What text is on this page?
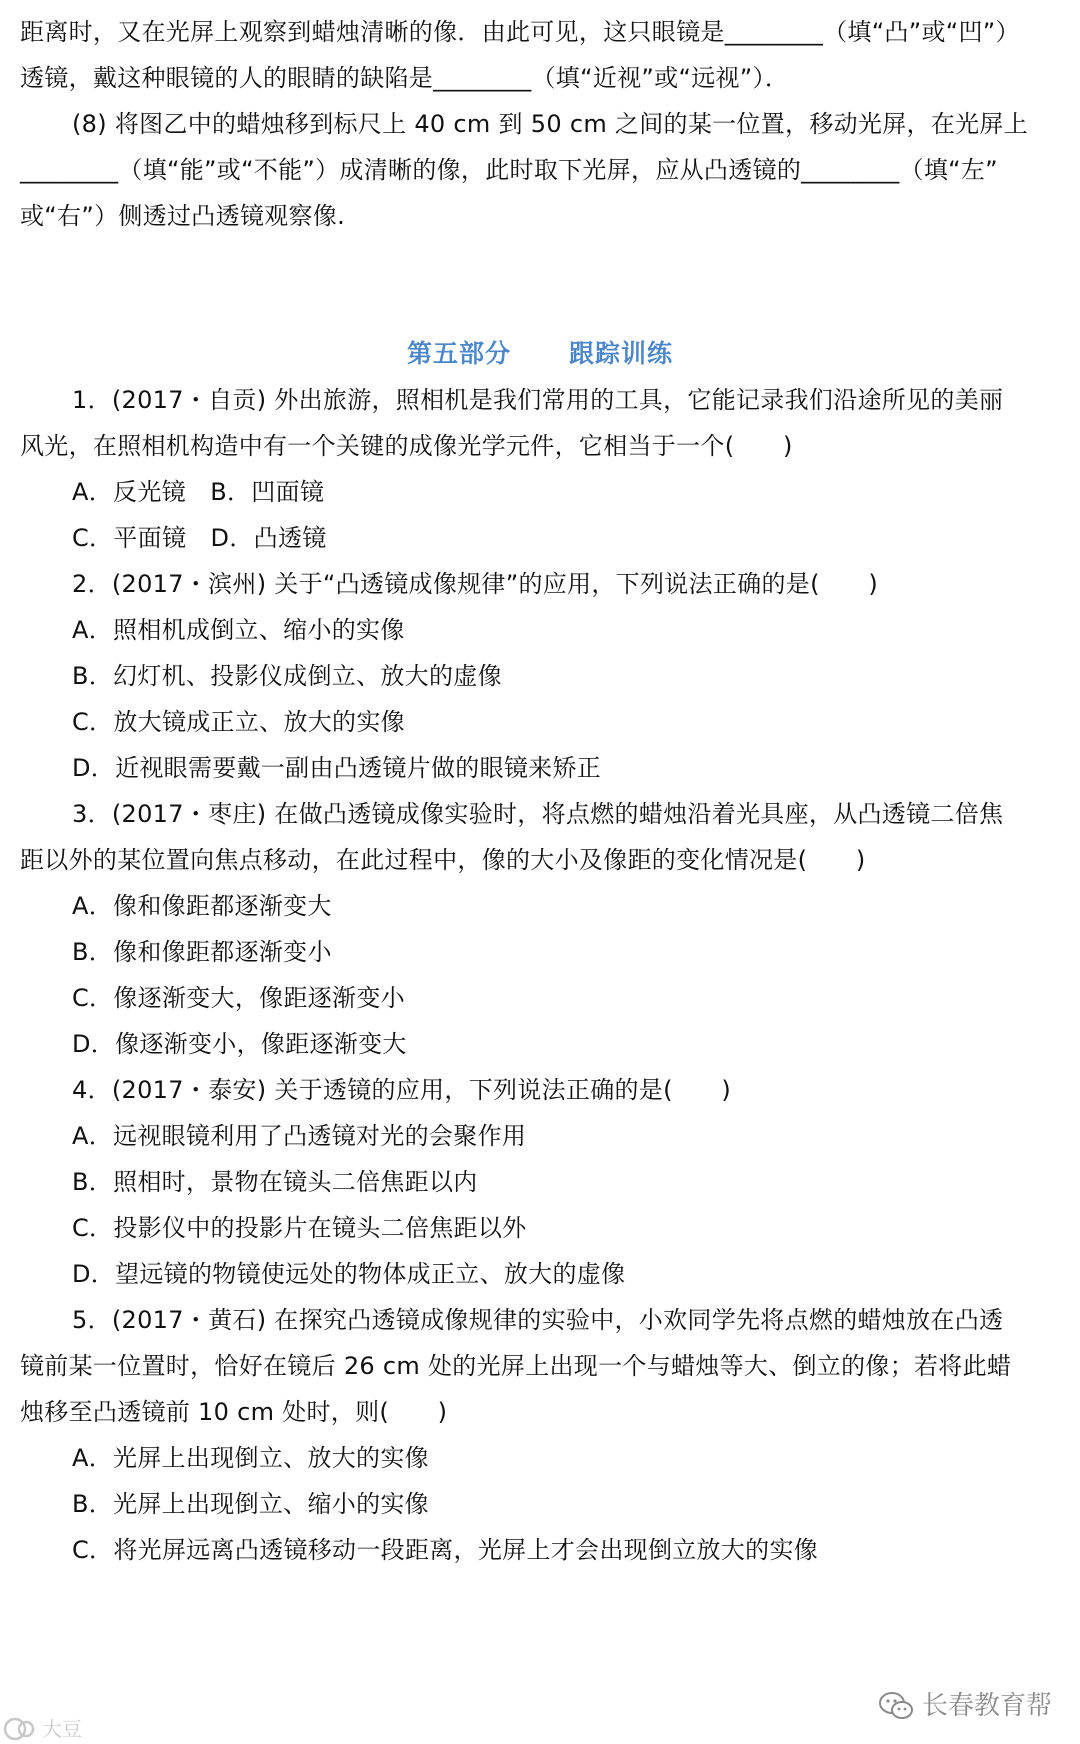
距离时，又在光屏上观察到蜡烛清晰的像．由此可见，这只眼镜是________（填“凸”或“凹”）
透镜，戴这种眼镜的人的眼睛的缺陷是________（填“近视”或“远视”）．
(8) 将图乙中的蜡烛移到标尺上 40 cm 到 50 cm 之间的某一位置，移动光屏，在光屏上
________（填“能”或“不能”）成清晰的像，此时取下光屏，应从凸透镜的________（填“左”
或“右”）侧透过凸透镜观察像.
第五部分 跟踪训练
1．(2017・自贡) 外出旅游，照相机是我们常用的工具，它能记录我们沿途所见的美丽
风光，在照相机构造中有一个关键的成像光学元件，它相当于一个(　　)
A．反光镜　B．凹面镜
C．平面镜　D．凸透镜
2．(2017・滨州) 关于“凸透镜成像规律”的应用，下列说法正确的是(　　)
A．照相机成倒立、缩小的实像
B．幻灯机、投影仪成倒立、放大的虚像
C．放大镜成正立、放大的实像
D．近视眼需要戴一副由凸透镜片做的眼镜来矫正
3．(2017・枣庄) 在做凸透镜成像实验时，将点燃的蜡烛沿着光具座，从凸透镜二倍焦
距以外的某位置向焦点移动，在此过程中，像的大小及像距的变化情况是(　　)
A．像和像距都逐渐变大
B．像和像距都逐渐变小
C．像逐渐变大，像距逐渐变小
D．像逐渐变小，像距逐渐变大
4．(2017・泰安) 关于透镜的应用，下列说法正确的是(　　)
A．远视眼镜利用了凸透镜对光的会聚作用
B．照相时，景物在镜头二倍焦距以内
C．投影仪中的投影片在镜头二倍焦距以外
D．望远镜的物镜使远处的物体成正立、放大的虚像
5．(2017・黄石) 在探究凸透镜成像规律的实验中，小欢同学先将点燃的蜡烛放在凸透
镜前某一位置时，恰好在镜后 26 cm 处的光屏上出现一个与蜡烛等大、倒立的像；若将此蜡
烛移至凸透镜前 10 cm 处时，则(　　)
A．光屏上出现倒立、放大的实像
B．光屏上出现倒立、缩小的实像
C．将光屏远离凸透镜移动一段距离，光屏上才会出现倒立放大的实像
大豆
长春教育帮
